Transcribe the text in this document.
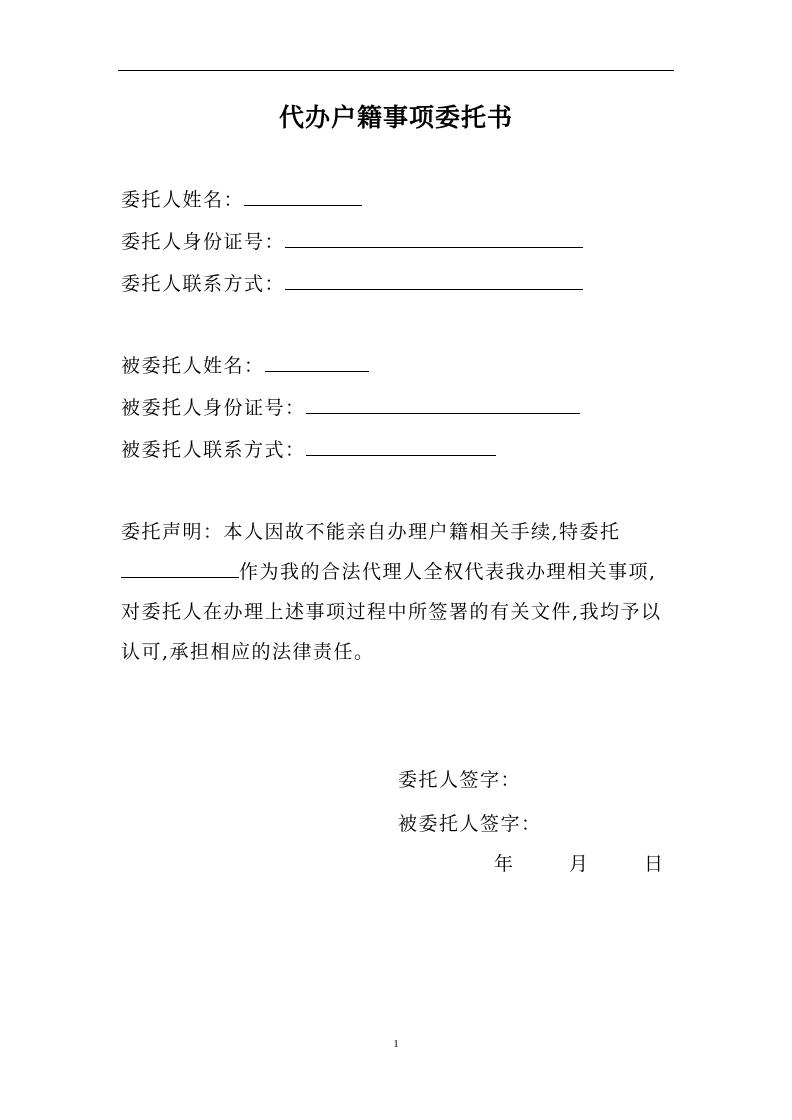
代办户籍事项委托书
委托人姓名：
委托人身份证号：
委托人联系方式：
被委托人姓名：
被委托人身份证号：
被委托人联系方式：
委托声明：本人因故不能亲自办理户籍相关手续,特委托作为我的合法代理人全权代表我办理相关事项,对委托人在办理上述事项过程中所签署的有关文件,我均予以认可,承担相应的法律责任。
委托人签字：
被委托人签字：
年	月	日
1
